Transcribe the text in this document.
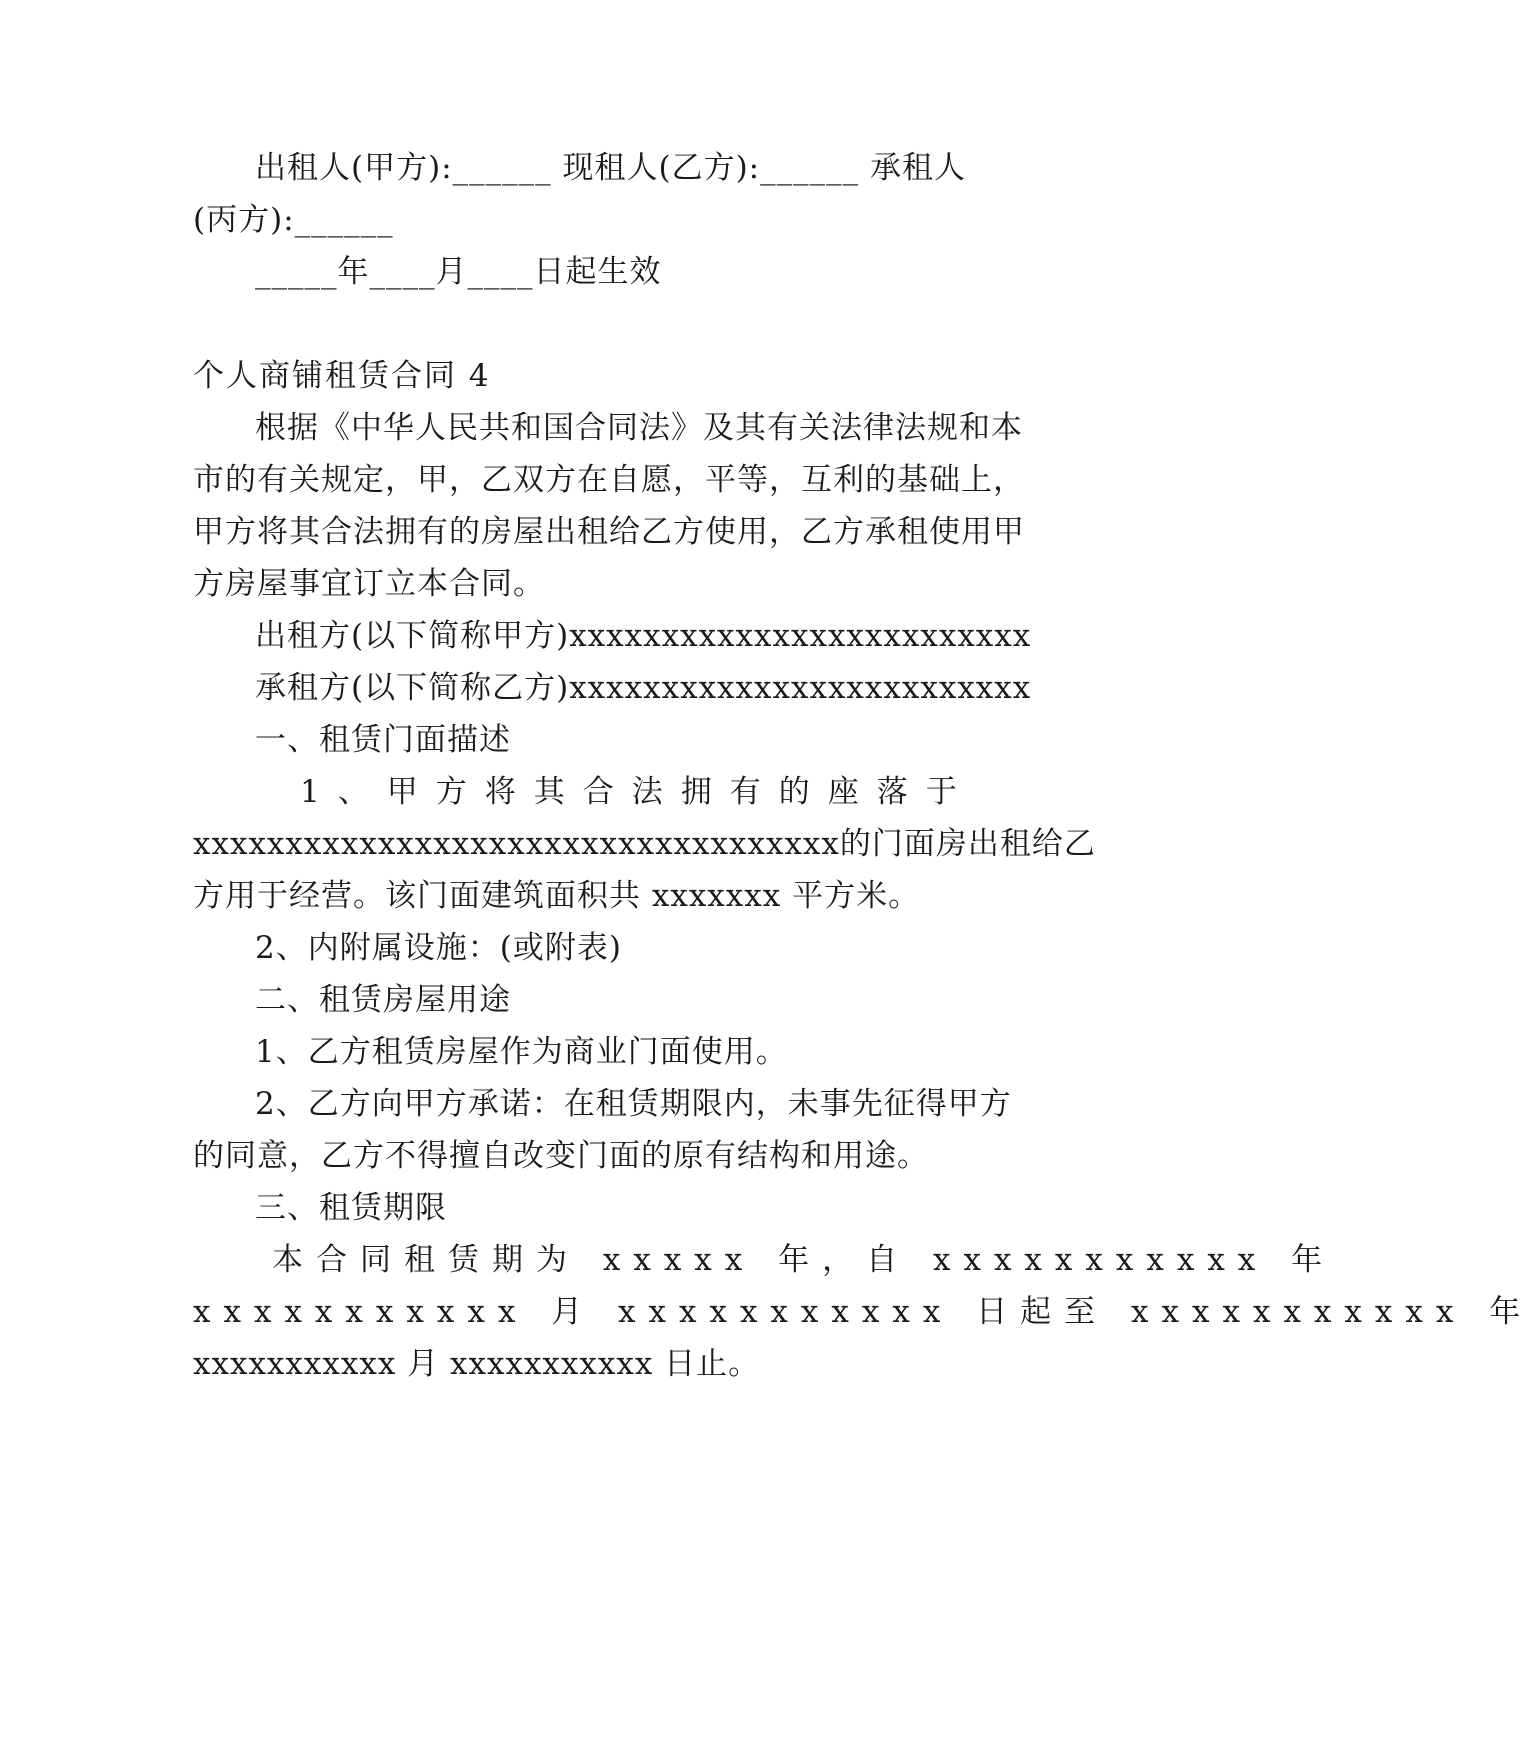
出租人(甲方):______ 现租人(乙方):______ 承租人
(丙方):______
_____年____月____日起生效
个人商铺租赁合同 4
根据《中华人民共和国合同法》及其有关法律法规和本
市的有关规定，甲，乙双方在自愿，平等，互利的基础上，
甲方将其合法拥有的房屋出租给乙方使用，乙方承租使用甲
方房屋事宜订立本合同。
出租方(以下简称甲方)xxxxxxxxxxxxxxxxxxxxxxxxx
承租方(以下简称乙方)xxxxxxxxxxxxxxxxxxxxxxxxx
一、租赁门面描述
1、甲方将其合法拥有的座落于
xxxxxxxxxxxxxxxxxxxxxxxxxxxxxxxxxxx的门面房出租给乙
方用于经营。该门面建筑面积共 xxxxxxx 平方米。
2、内附属设施：(或附表)
二、租赁房屋用途
1、乙方租赁房屋作为商业门面使用。
2、乙方向甲方承诺：在租赁期限内，未事先征得甲方
的同意，乙方不得擅自改变门面的原有结构和用途。
三、租赁期限
本合同租赁期为 xxxxx 年，自 xxxxxxxxxxx 年
xxxxxxxxxxx 月 xxxxxxxxxxx 日起至 xxxxxxxxxxx 年
xxxxxxxxxxx 月 xxxxxxxxxxx 日止。
